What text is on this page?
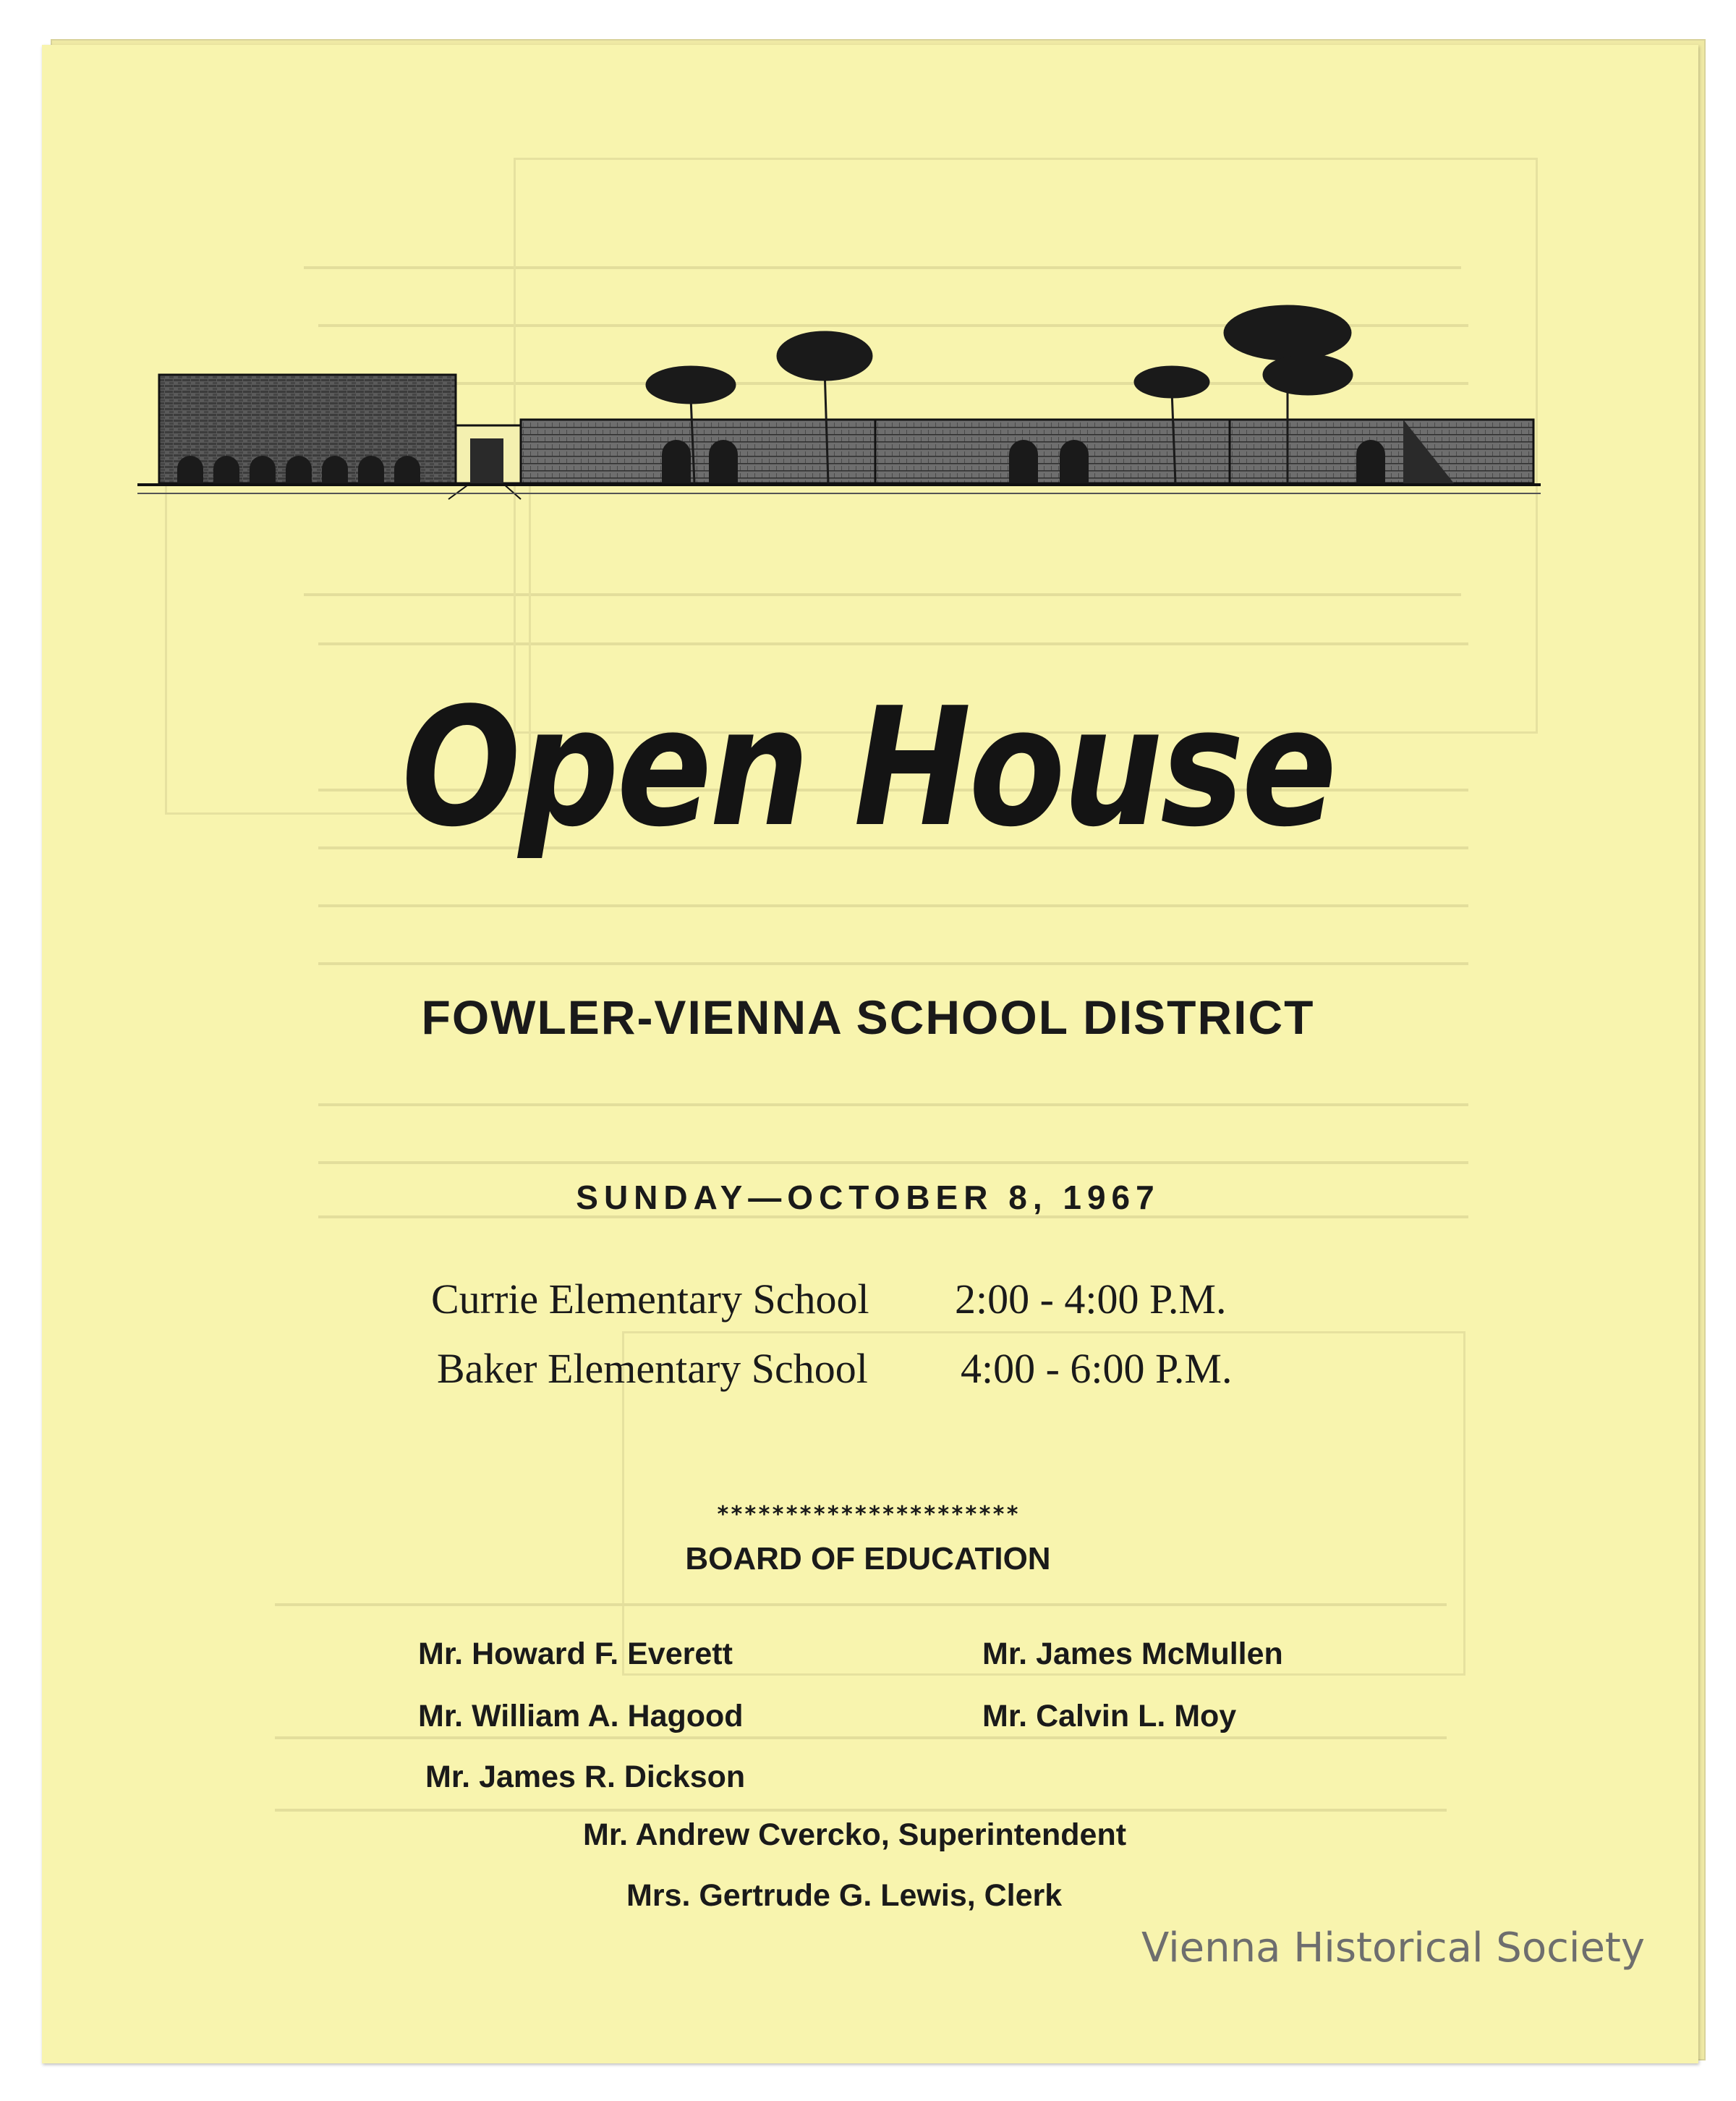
Open House
FOWLER-VIENNA SCHOOL DISTRICT
SUNDAY—OCTOBER 8, 1967
Currie Elementary School 2:00 - 4:00 P.M.
Baker Elementary School 4:00 - 6:00 P.M.
**********************
BOARD OF EDUCATION
Mr. Howard F. Everett
Mr. William A. Hagood
Mr. James R. Dickson
Mr. James McMullen
Mr. Calvin L. Moy
Mr. Andrew Cvercko, Superintendent
Mrs. Gertrude G. Lewis, Clerk
Vienna Historical Society
